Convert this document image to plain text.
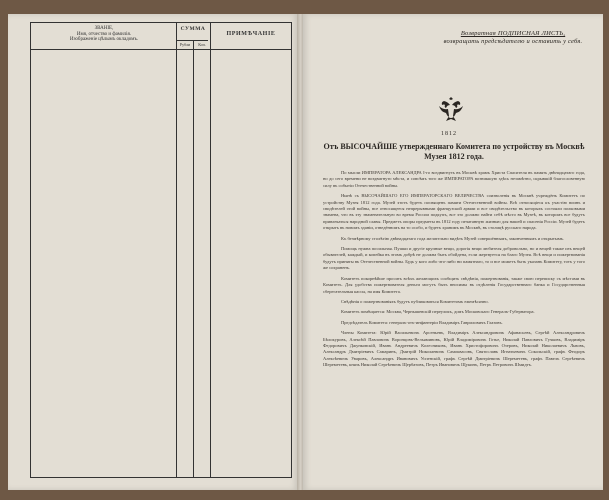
ЗВАНІЕ,
Имя, отчество и фамилія.
Изображеніе цѣлымъ окладомъ.
СУММА
Рубли	Коп.
ПРИМѢЧАНІЕ	Возвратная ПОДПИСНАЯ ЛИСТЬ,
возвращать предсѣдателю и оставить у себя.
1812
Отъ ВЫСОЧАЙШЕ утвержденнаго Комитета по устройству въ Москвѣ
Музея 1812 года.

По мысли ИМПЕРАТОРА АЛЕКСАНДРА I-го воздвигнуть въ Москвѣ храмъ Христа Спасителя въ память двѣнадцатаго года, но до сего времени не воздвигнуто мѣста, и совсѣмъ того же ИМПЕРАТОРА возникшую здѣсь незамѣтно, скрывшій благословенную силу въ событіи Отечественной войны.

Нынѣ съ ВЫСОЧАЙШАГО ЕГО ИМПЕРАТОРСКАГО ВЕЛИЧЕСТВА соизволенія въ Москвѣ учреждёнъ Комитетъ по устройству Музея 1812 года. Музей этотъ будетъ посвященъ памяти Отечественной войны. Всѣ относящіеся къ участію воинъ и свидѣтелей этой войны, все относящееся непрерывными французской армии и все свидѣтельство въ которыхъ состояли полковыми знамена, что въ эту знаменательную во время России подкупъ, все это должно найти себѣ мѣсто въ Музеѣ, въ которомъ все будутъ привлекаться народной славы. Предметъ опоры предметы въ 1812 году печатанную жизнью для нашей и спасенія Россіи. Музей будетъ открытъ въ новомъ зданіи, отведённомъ на то особо, и будетъ хранимъ въ Москвѣ, въ столицѣ русскаго народа.

Къ безмѣрному столѣтію двѣнадцатаго года желательно видѣть Музей совершённымъ, законченнымъ и открытымъ.

Помощь нужна посильная. Пушки и другіе крупные вещи, дорогія вещи любителя добровольно, но и вещей также изъ вещей обывателей, каждый, и копейка въ этомъ добрѣ не должна быть обойдена, если жертвуется на благо Музея. Всѣ вещи и пожертвованія будутъ приняты въ Отечественной войны. Будь у кого либо что-либо ни памятнаго, то и все можетъ быть указанъ Комитету, тотъ у того же сохраненъ.

Комитетъ покорнѣйше просить всѣхъ желающихъ сообщить свѣдѣнія, пожертвованія, также свою переписку съ мѣстами въ Комитетъ. Для удобства пожертвователя деньги могутъ быть вносимы въ отдѣленія Государственнаго банка и Государственныя сберегательныя кассы, на имя Комитета.

Свѣдѣнія о пожертвованіяхъ будутъ публиковаться Комитетомъ ежемѣсячно.

Комитетъ помѣщается: Москва, Чернышевскій переулокъ, домъ Московскаго Генералъ-Губернатора.

Предсѣдатель Комитета: генералъ-отъ-инфантеріи Владиміръ Гавриловичъ Глазовъ.

Члены Комитета: Юрій Васильевичъ Арсеньевъ, Владиміръ Александровичъ Афанасьевъ, Сергѣй Александровичъ Бѣлокуровъ, Алексѣй Павловичъ Воронцовъ-Вельяминовъ, Юрій Владиміровичъ Готье, Николай Павловичъ Гучковъ, Владиміръ Федоровичъ Джунковскій, Иванъ Андреевичъ Колесниковъ, Иванъ Христофоровичъ Озеровъ, Николай Николаевичъ Львовъ, Александръ Дмитріевичъ Самаринъ, Дмитрій Николаевичъ Самоквасовъ, Святославъ Игнатьевичъ Сокольскій, графъ Феодоръ Алексѣевичъ Уваровъ, Александръ Ивановичъ Успенскій, графъ Сергѣй Дмитріевичъ Шереметевъ, графъ Павелъ Сергѣевичъ Шереметевъ, князь Николай Сергѣевичъ Щербатовъ, Петръ Ивановичъ Щукинъ, Петръ Петровичъ Шмидтъ.
